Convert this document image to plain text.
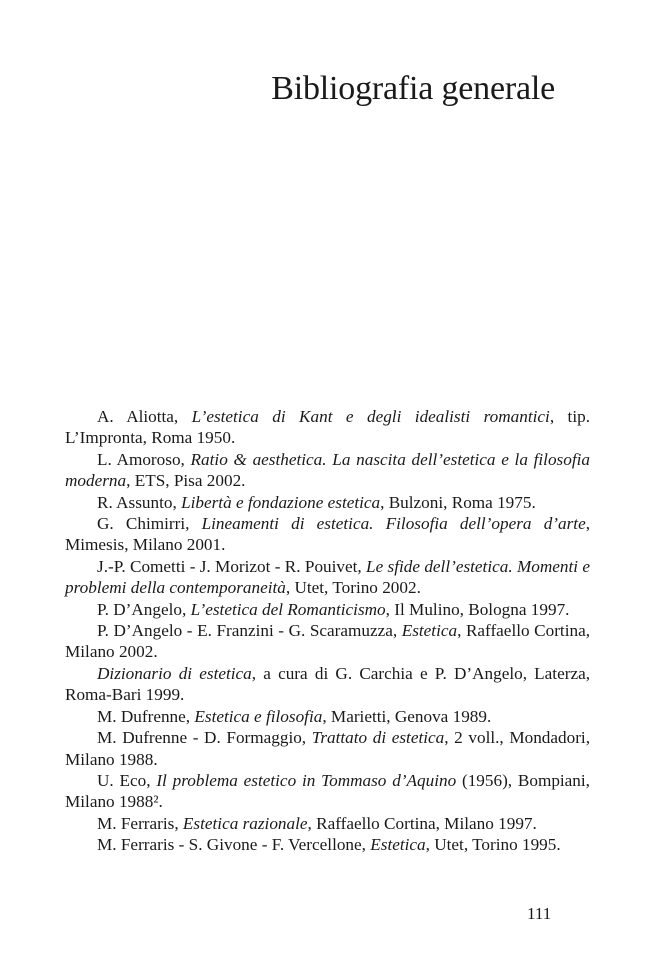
Bibliografia generale

A. Aliotta, L’estetica di Kant e degli idealisti romantici, tip. L’Impronta, Roma 1950.

L. Amoroso, Ratio & aesthetica. La nascita dell’estetica e la filosofia moderna, ETS, Pisa 2002.

R. Assunto, Libertà e fondazione estetica, Bulzoni, Roma 1975.

G. Chimirri, Lineamenti di estetica. Filosofia dell’opera d’arte, Mimesis, Milano 2001.

J.-P. Cometti - J. Morizot - R. Pouivet, Le sfide dell’estetica. Momenti e problemi della contemporaneità, Utet, Torino 2002.

P. D’Angelo, L’estetica del Romanticismo, Il Mulino, Bologna 1997.

P. D’Angelo - E. Franzini - G. Scaramuzza, Estetica, Raffaello Cortina, Milano 2002.

Dizionario di estetica, a cura di G. Carchia e P. D’Angelo, Laterza, Roma-Bari 1999.

M. Dufrenne, Estetica e filosofia, Marietti, Genova 1989.

M. Dufrenne - D. Formaggio, Trattato di estetica, 2 voll., Mondadori, Milano 1988.

U. Eco, Il problema estetico in Tommaso d’Aquino (1956), Bompiani, Milano 1988².

M. Ferraris, Estetica razionale, Raffaello Cortina, Milano 1997.

M. Ferraris - S. Givone - F. Vercellone, Estetica, Utet, Torino 1995.

111
